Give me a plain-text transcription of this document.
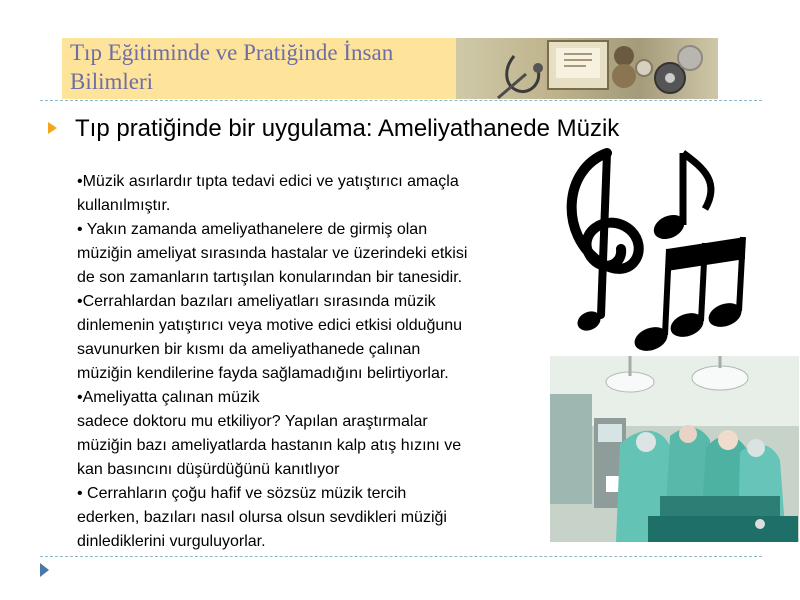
Tıp Eğitiminde ve Pratiğinde İnsan Bilimleri
Tıp pratiğinde bir uygulama: Ameliyathanede Müzik

•Müzik asırlardır tıpta tedavi edici ve yatıştırıcı amaçla
kullanılmıştır.

• Yakın zamanda ameliyathanelere de girmiş olan
müziğin ameliyat sırasında hastalar ve üzerindeki etkisi
de son zamanların tartışılan konularından bir tanesidir.

•Cerrahlardan bazıları ameliyatları sırasında müzik
dinlemenin yatıştırıcı veya motive edici etkisi olduğunu
savunurken bir kısmı da ameliyathanede çalınan
müziğin kendilerine fayda sağlamadığını belirtiyorlar.

•Ameliyatta çalınan müzik
sadece doktoru mu etkiliyor? Yapılan araştırmalar
müziğin bazı ameliyatlarda hastanın kalp atış hızını ve
kan basıncını düşürdüğünü kanıtlıyor

• Cerrahların çoğu hafif ve sözsüz müzik tercih
ederken, bazıları nasıl olursa olsun sevdikleri müziği
dinlediklerini vurguluyorlar.
